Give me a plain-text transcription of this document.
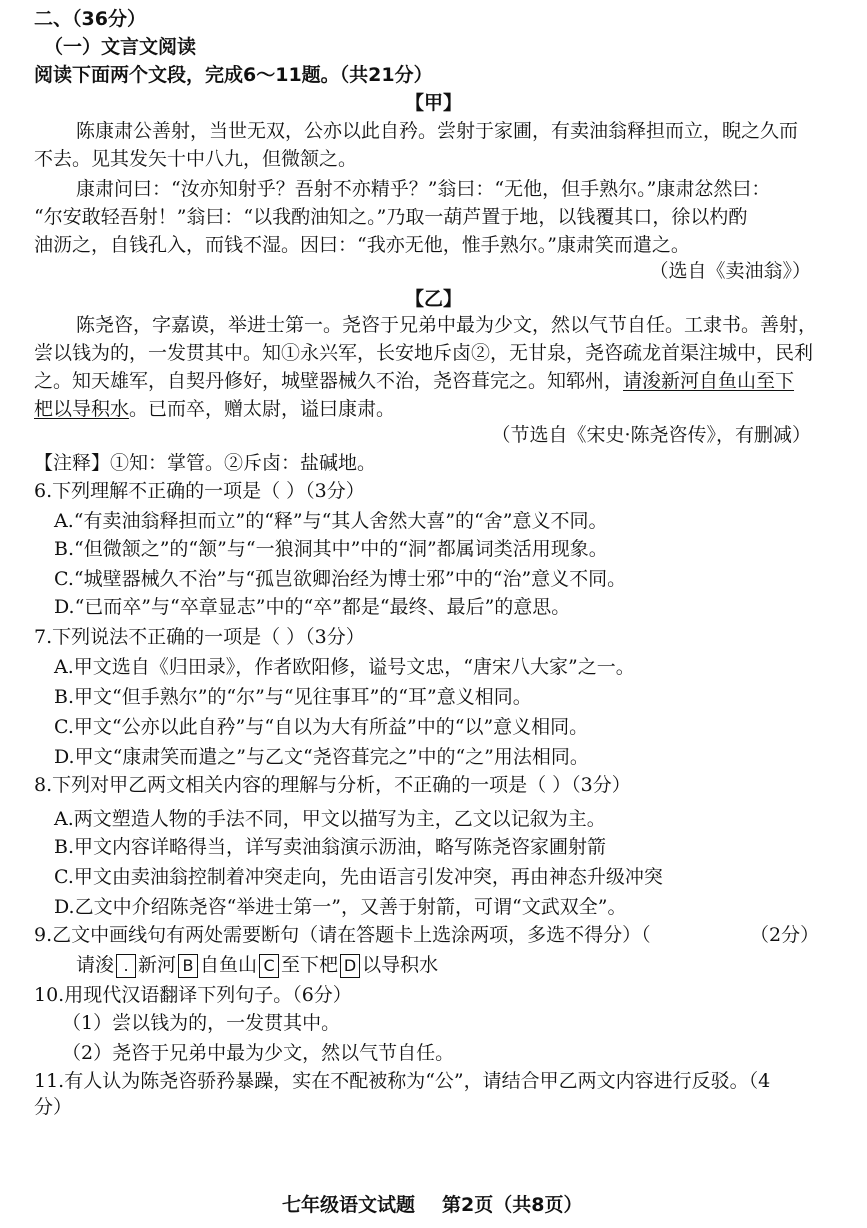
二、（36分）
（一）文言文阅读
阅读下面两个文段，完成6～11题。（共21分）
【甲】
陈康肃公善射，当世无双，公亦以此自矜。尝射于家圃，有卖油翁释担而立，睨之久而
不去。见其发矢十中八九，但微颔之。
康肃问曰：“汝亦知射乎？吾射不亦精乎？”翁曰：“无他，但手熟尔。”康肃忿然曰：
“尔安敢轻吾射！”翁曰：“以我酌油知之。”乃取一葫芦置于地，以钱覆其口，徐以杓酌
油沥之，自钱孔入，而钱不湿。因曰：“我亦无他，惟手熟尔。”康肃笑而遣之。
（选自《卖油翁》）
【乙】
陈尧咨，字嘉谟，举进士第一。尧咨于兄弟中最为少文，然以气节自任。工隶书。善射，
尝以钱为的，一发贯其中。知①永兴军，长安地斥卤②，无甘泉，尧咨疏龙首渠注城中，民利
之。知天雄军，自契丹修好，城壁器械久不治，尧咨葺完之。知郓州，请浚新河自鱼山至下
杷以导积水。已而卒，赠太尉，谥曰康肃。
（节选自《宋史·陈尧咨传》，有删减）
【注释】①知：掌管。②斥卤：盐碱地。
6.下列理解不正确的一项是（ ）（3分）
A.“有卖油翁释担而立”的“释”与“其人舍然大喜”的“舍”意义不同。
B.“但微颔之”的“颔”与“一狼洞其中”中的“洞”都属词类活用现象。
C.“城壁器械久不治”与“孤岂欲卿治经为博士邪”中的“治”意义不同。
D.“已而卒”与“卒章显志”中的“卒”都是“最终、最后”的意思。
7.下列说法不正确的一项是（ ）（3分）
A.甲文选自《归田录》，作者欧阳修，谥号文忠，“唐宋八大家”之一。
B.甲文“但手熟尔”的“尔”与“见往事耳”的“耳”意义相同。
C.甲文“公亦以此自矜”与“自以为大有所益”中的“以”意义相同。
D.甲文“康肃笑而遣之”与乙文“尧咨葺完之”中的“之”用法相同。
8.下列对甲乙两文相关内容的理解与分析，不正确的一项是（ ）（3分）
A.两文塑造人物的手法不同，甲文以描写为主，乙文以记叙为主。
B.甲文内容详略得当，详写卖油翁演示沥油，略写陈尧咨家圃射箭
C.甲文由卖油翁控制着冲突走向，先由语言引发冲突，再由神态升级冲突
D.乙文中介绍陈尧咨“举进士第一”，又善于射箭，可谓“文武双全”。
9.乙文中画线句有两处需要断句（请在答题卡上选涂两项，多选不得分）（	（2分）
请浚 . 新河 B 自鱼山 C 至下杷 D 以导积水
10.用现代汉语翻译下列句子。（6分）
（1）尝以钱为的，一发贯其中。
（2）尧咨于兄弟中最为少文，然以气节自任。
11.有人认为陈尧咨骄矜暴躁，实在不配被称为“公”，请结合甲乙两文内容进行反驳。（4
分）
七年级语文试题 第2页（共8页）
